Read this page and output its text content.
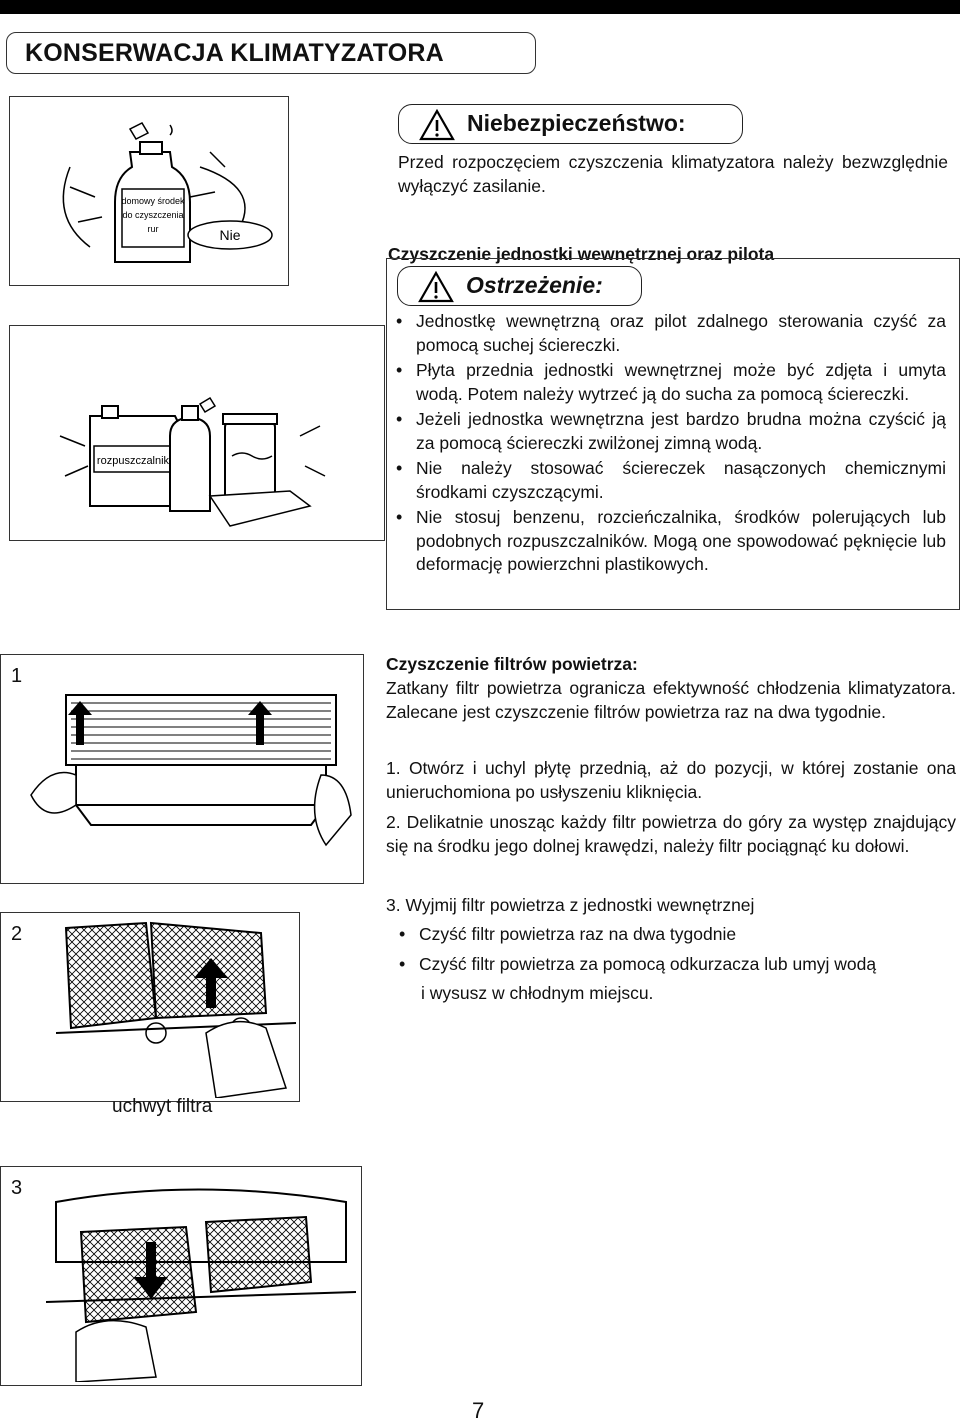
KONSERWACJA KLIMATYZATORA
domowy środek
do czyszczenia
rur	Nie
Niebezpieczeństwo:
Przed rozpoczęciem czyszczenia klimatyzatora należy bezwzględnie wyłączyć zasilanie.
Czyszczenie jednostki wewnętrznej oraz pilota
rozpuszczalnik
Ostrzeżenie:
• Jednostkę wewnętrzną oraz pilot zdalnego sterowania czyść za pomocą suchej ściereczki.
• Płyta przednia jednostki wewnętrznej może być zdjęta i umyta wodą. Potem należy wytrzeć ją do sucha za pomocą ściereczki.
• Jeżeli jednostka wewnętrzna jest bardzo brudna można czyścić ją za pomocą ściereczki zwilżonej zimną wodą.
• Nie należy stosować ściereczek nasączonych chemicznymi środkami czyszczącymi.
• Nie stosuj benzenu, rozcieńczalnika, środków polerujących lub podobnych rozpuszczalników. Mogą one spowodować pęknięcie lub deformację powierzchni plastikowych.
1
2
uchwyt filtra
3
Czyszczenie filtrów powietrza:
Zatkany filtr powietrza ogranicza efektywność chłodzenia klimatyzatora. Zalecane jest czyszczenie filtrów powietrza raz na dwa tygodnie.
1. Otwórz i uchyl płytę przednią, aż do pozycji, w której zostanie ona unieruchomiona po usłyszeniu kliknięcia.
2. Delikatnie unosząc każdy filtr powietrza do góry za występ znajdujący się na środku jego dolnej krawędzi, należy filtr pociągnąć ku dołowi.
3. Wyjmij filtr powietrza z jednostki wewnętrznej
• Czyść filtr powietrza raz na dwa tygodnie
• Czyść filtr powietrza za pomocą odkurzacza lub umyj wodą
i wysusz w chłodnym miejscu.
7
